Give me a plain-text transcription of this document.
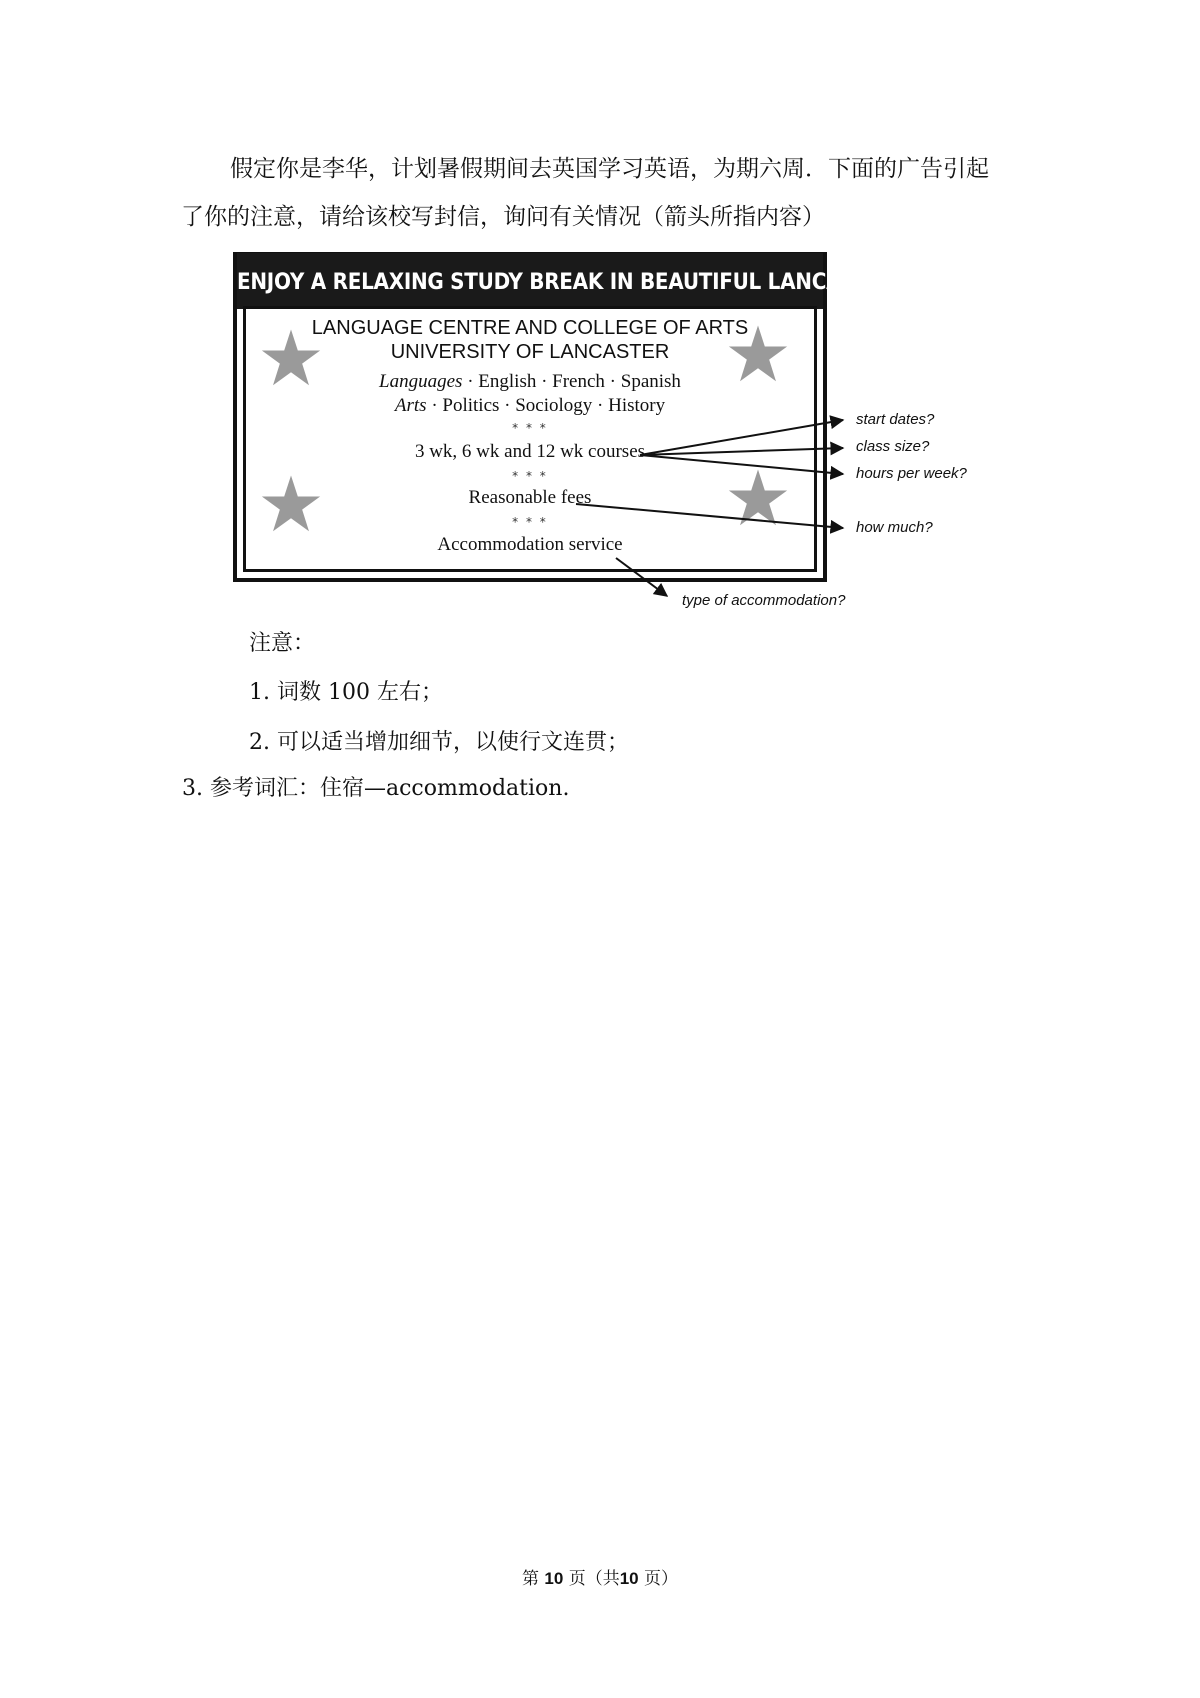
假定你是李华，计划暑假期间去英国学习英语，为期六周．下面的广告引起
了你的注意，请给该校写封信，询问有关情况（箭头所指内容）
ENJOY A RELAXING STUDY BREAK IN BEAUTIFUL LANCASTER
LANGUAGE CENTRE AND COLLEGE OF ARTS
UNIVERSITY OF LANCASTER
Languages · English · French · Spanish
Arts · Politics · Sociology · History
* * *
3 wk, 6 wk and 12 wk courses
* * *
Reasonable fees
* * *
Accommodation service
start dates?
class size?
hours per week?
how much?
type of accommodation?
注意：
1. 词数 100 左右；
2. 可以适当增加细节，以使行文连贯；
3. 参考词汇：住宿—accommodation.
第 10 页（共10 页）
